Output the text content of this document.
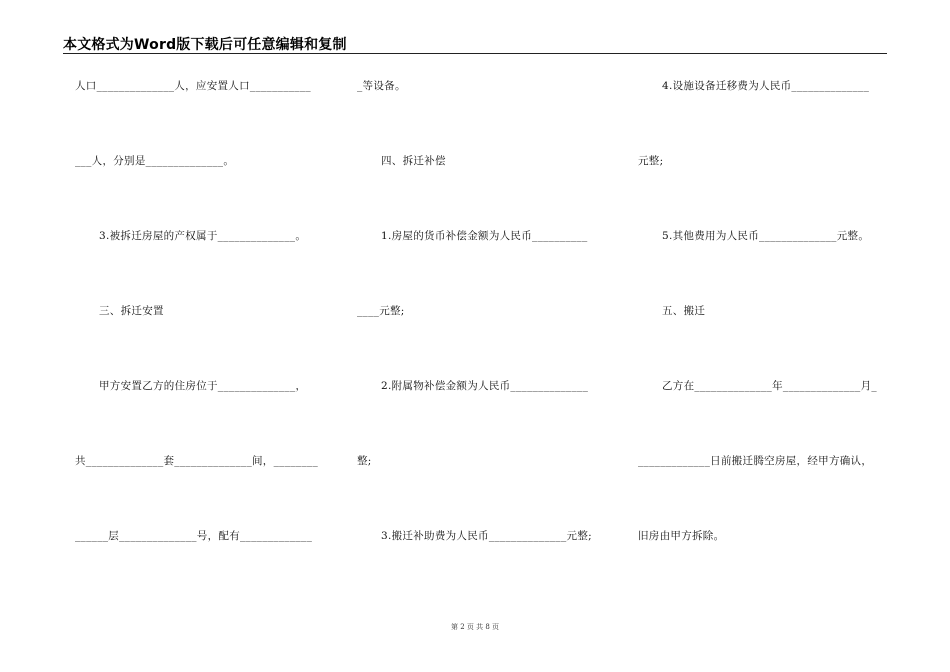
本文格式为Word版下载后可任意编辑和复制
人口______________人，应安置人口___________
___人，分别是______________。
3.被拆迁房屋的产权属于______________。
三、拆迁安置
甲方安置乙方的住房位于______________，
共______________套______________间，________
______层______________号，配有_____________
_等设备。
四、拆迁补偿
1.房屋的货币补偿金额为人民币__________
____元整;
2.附属物补偿金额为人民币______________
整;
3.搬迁补助费为人民币______________元整;
4.设施设备迁移费为人民币______________
元整;
5.其他费用为人民币______________元整。
五、搬迁
乙方在______________年______________月_
_____________日前搬迁腾空房屋，经甲方确认，
旧房由甲方拆除。
第 2 页 共 8 页
